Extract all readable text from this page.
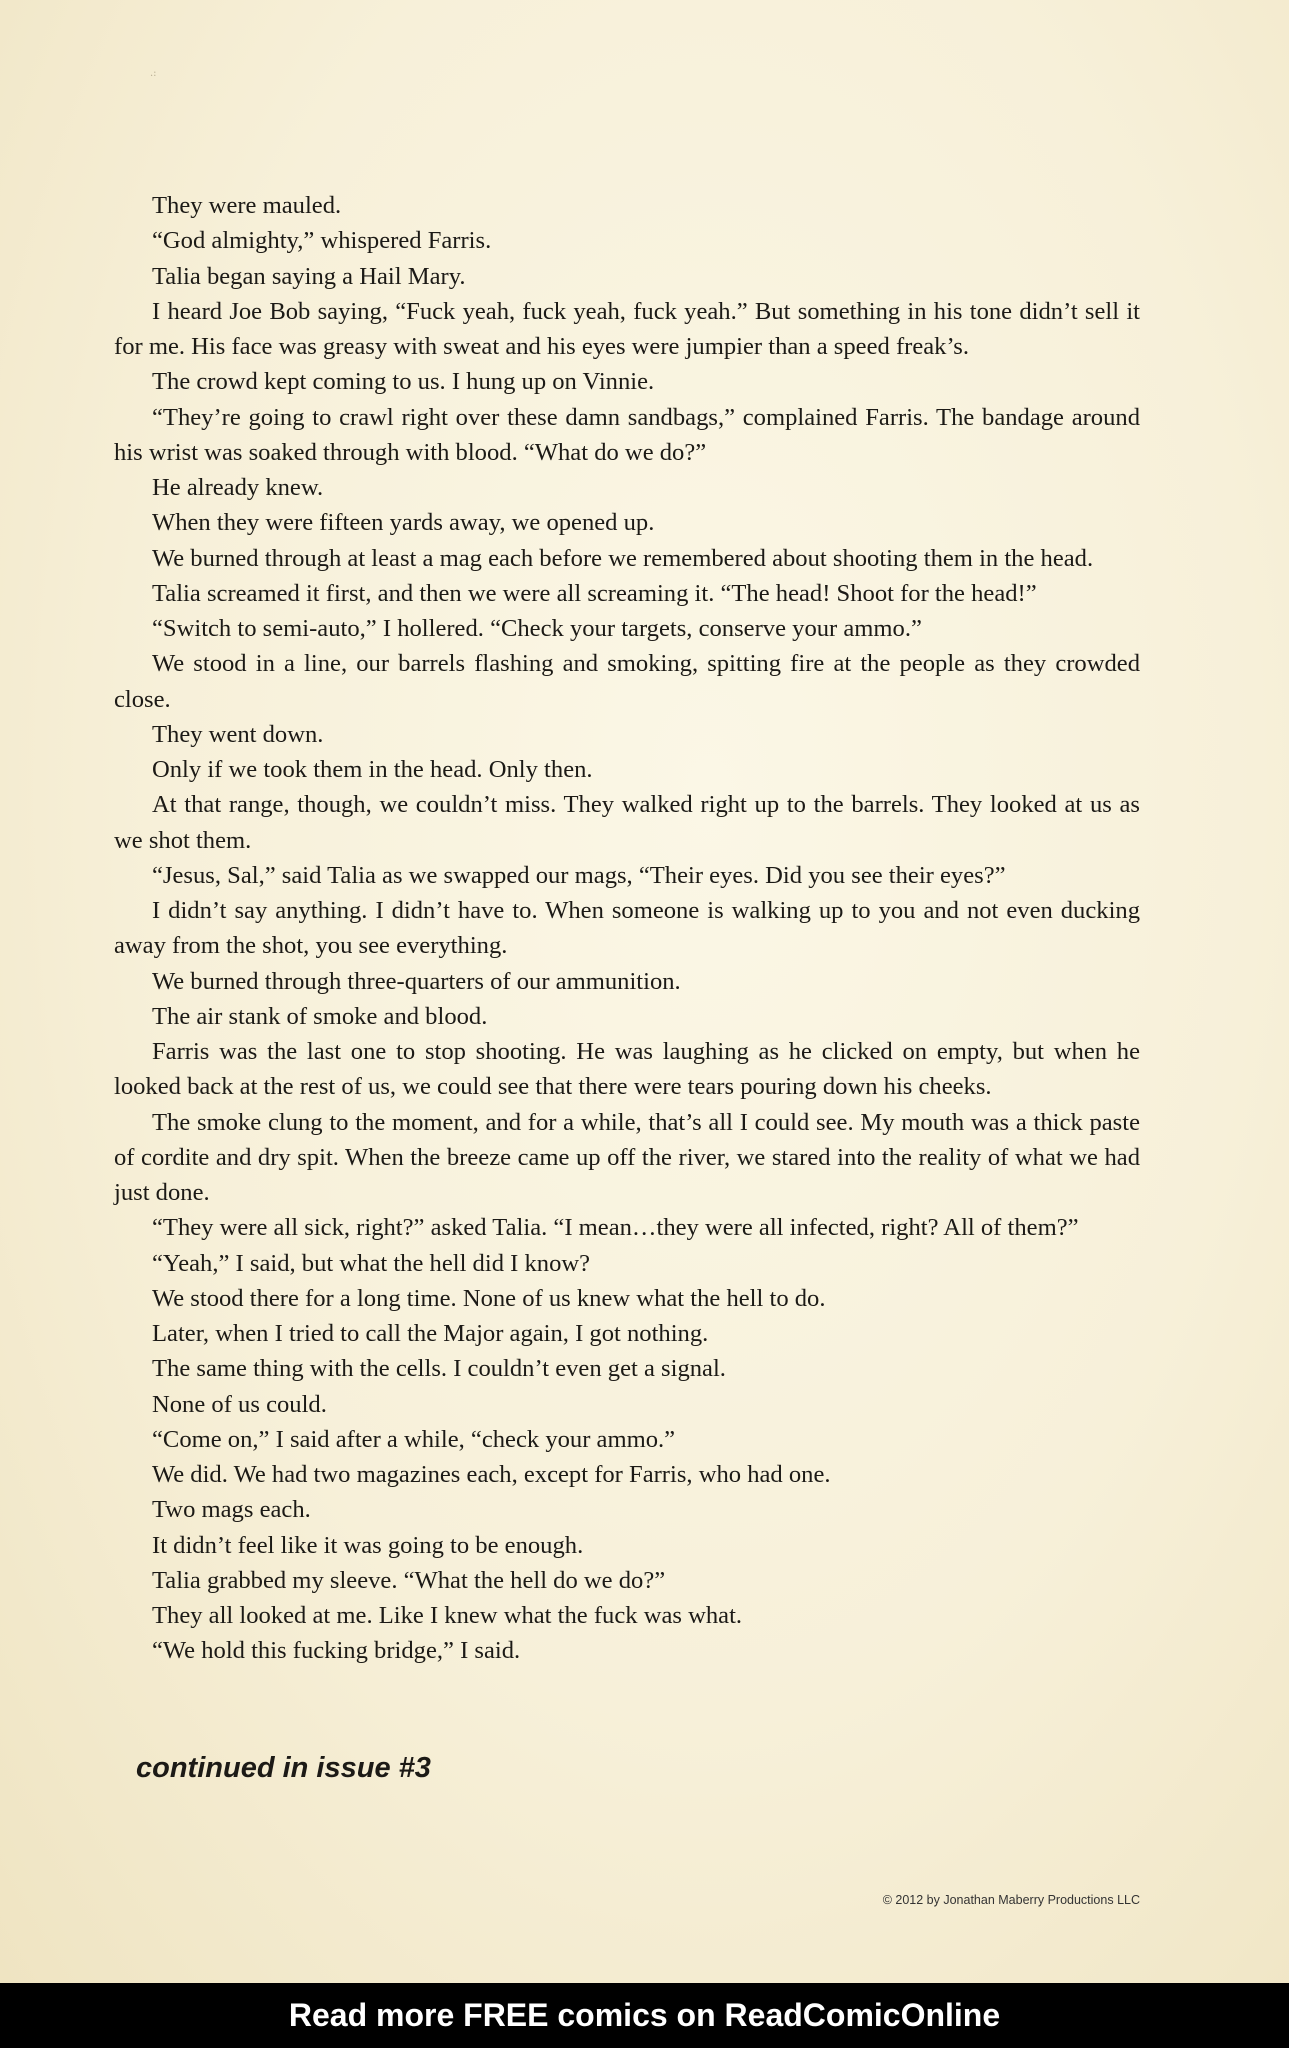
.:

They were mauled.

“God almighty,” whispered Farris.

Talia began saying a Hail Mary.

I heard Joe Bob saying, “Fuck yeah, fuck yeah, fuck yeah.” But something in his tone didn’t sell it for me. His face was greasy with sweat and his eyes were jumpier than a speed freak’s.

The crowd kept coming to us. I hung up on Vinnie.

“They’re going to crawl right over these damn sandbags,” complained Farris. The bandage around his wrist was soaked through with blood. “What do we do?”

He already knew.

When they were fifteen yards away, we opened up.

We burned through at least a mag each before we remembered about shooting them in the head.

Talia screamed it first, and then we were all screaming it. “The head! Shoot for the head!”

“Switch to semi-auto,” I hollered. “Check your targets, conserve your ammo.”

We stood in a line, our barrels flashing and smoking, spitting fire at the people as they crowded close.

They went down.

Only if we took them in the head. Only then.

At that range, though, we couldn’t miss. They walked right up to the barrels. They looked at us as we shot them.

“Jesus, Sal,” said Talia as we swapped our mags, “Their eyes. Did you see their eyes?”

I didn’t say anything. I didn’t have to. When someone is walking up to you and not even ducking away from the shot, you see everything.

We burned through three-quarters of our ammunition.

The air stank of smoke and blood.

Farris was the last one to stop shooting. He was laughing as he clicked on empty, but when he looked back at the rest of us, we could see that there were tears pouring down his cheeks.

The smoke clung to the moment, and for a while, that’s all I could see. My mouth was a thick paste of cordite and dry spit. When the breeze came up off the river, we stared into the reality of what we had just done.

“They were all sick, right?” asked Talia. “I mean…they were all infected, right? All of them?”

“Yeah,” I said, but what the hell did I know?

We stood there for a long time. None of us knew what the hell to do.

Later, when I tried to call the Major again, I got nothing.

The same thing with the cells. I couldn’t even get a signal.

None of us could.

“Come on,” I said after a while, “check your ammo.”

We did. We had two magazines each, except for Farris, who had one.

Two mags each.

It didn’t feel like it was going to be enough.

Talia grabbed my sleeve. “What the hell do we do?”

They all looked at me. Like I knew what the fuck was what.

“We hold this fucking bridge,” I said.

continued in issue #3
© 2012 by Jonathan Maberry Productions LLC
Read more FREE comics on ReadComicOnline
